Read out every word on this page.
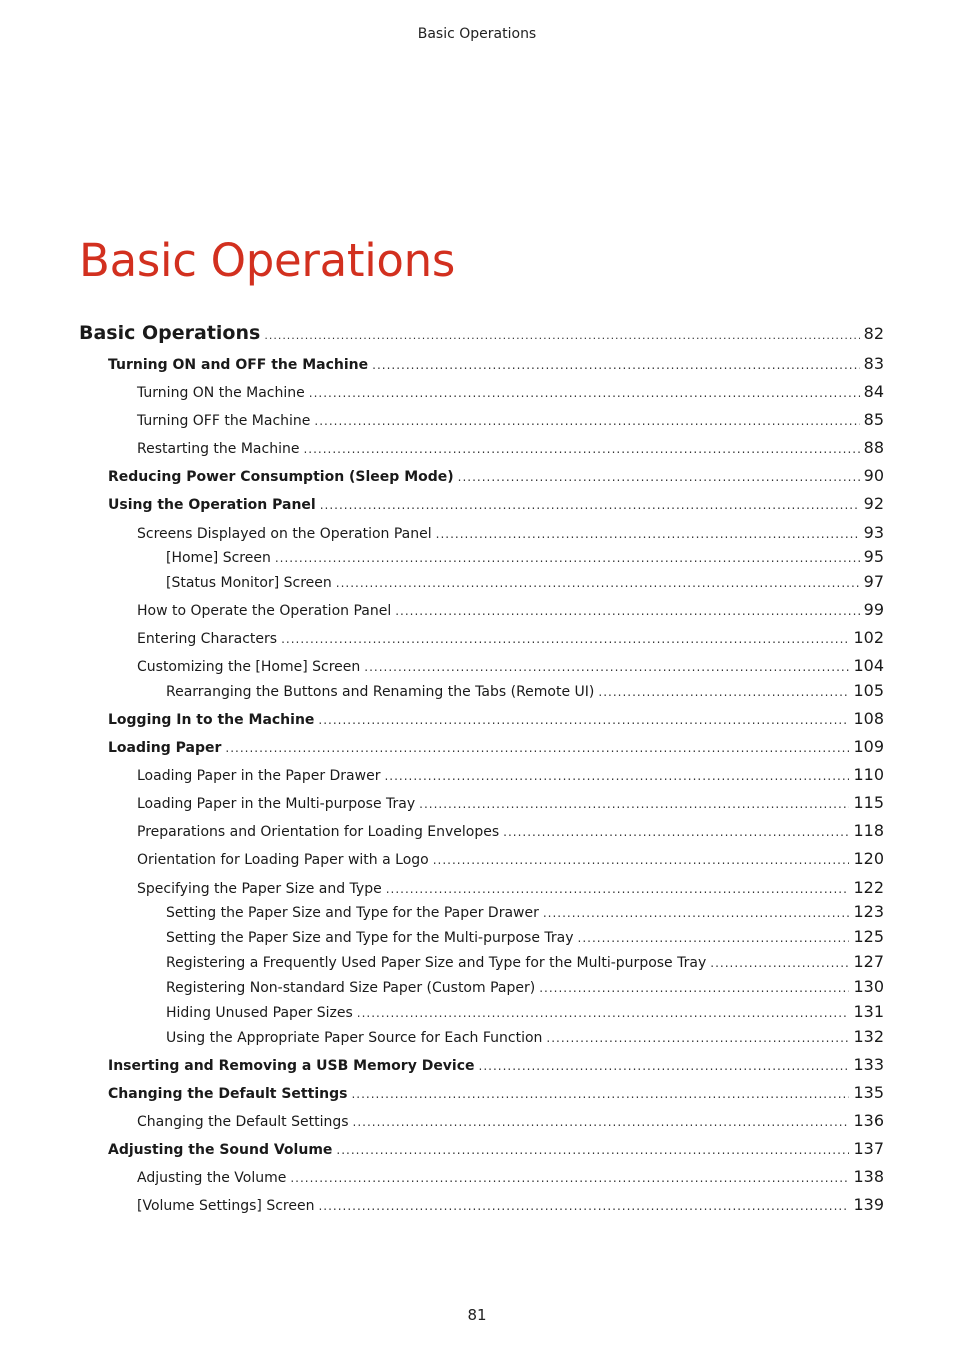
Basic Operations
Basic Operations
Basic Operations .....	82
Turning ON and OFF the Machine .....	83
Turning ON the Machine .....	84
Turning OFF the Machine .....	85
Restarting the Machine .....	88
Reducing Power Consumption (Sleep Mode) .....	90
Using the Operation Panel .....	92
Screens Displayed on the Operation Panel .....	93
[Home] Screen .....	95
[Status Monitor] Screen .....	97
How to Operate the Operation Panel .....	99
Entering Characters .....	102
Customizing the [Home] Screen .....	104
Rearranging the Buttons and Renaming the Tabs (Remote UI) .....	105
Logging In to the Machine .....	108
Loading Paper .....	109
Loading Paper in the Paper Drawer .....	110
Loading Paper in the Multi-purpose Tray .....	115
Preparations and Orientation for Loading Envelopes .....	118
Orientation for Loading Paper with a Logo .....	120
Specifying the Paper Size and Type .....	122
Setting the Paper Size and Type for the Paper Drawer .....	123
Setting the Paper Size and Type for the Multi-purpose Tray .....	125
Registering a Frequently Used Paper Size and Type for the Multi-purpose Tray .....	127
Registering Non-standard Size Paper (Custom Paper) .....	130
Hiding Unused Paper Sizes .....	131
Using the Appropriate Paper Source for Each Function .....	132
Inserting and Removing a USB Memory Device .....	133
Changing the Default Settings .....	135
Changing the Default Settings .....	136
Adjusting the Sound Volume .....	137
Adjusting the Volume .....	138
[Volume Settings] Screen .....	139
81
